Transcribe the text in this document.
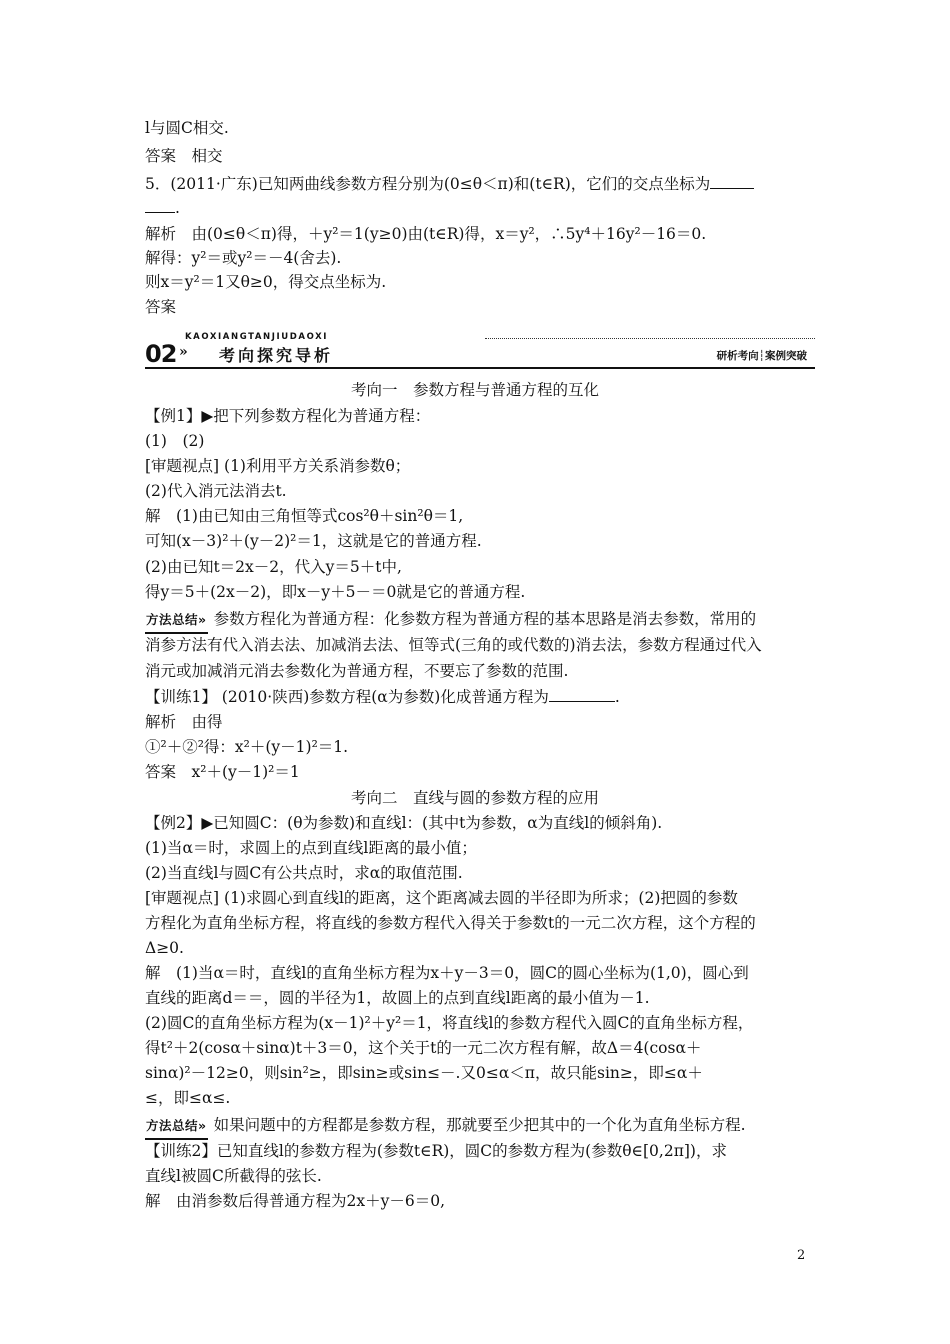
l与圆C相交.
答案　相交
5．(2011·广东)已知两曲线参数方程分别为(0≤θ＜π)和(t∈R)，它们的交点坐标为
.
解析　由(0≤θ＜π)得，＋y²＝1(y≥0)由(t∈R)得，x＝y²，∴5y⁴＋16y²－16＝0.
解得：y²＝或y²＝－4(舍去).
则x＝y²＝1又θ≥0，得交点坐标为.
答案
KAOXIANGTANJIUDAOXI
02 » 考向探究导析	研析考向┆案例突破
考向一　参数方程与普通方程的互化
【例1】▶把下列参数方程化为普通方程：
(1)　(2)
[审题视点] (1)利用平方关系消参数θ；
(2)代入消元法消去t.
解　(1)由已知由三角恒等式cos²θ＋sin²θ＝1,
可知(x－3)²＋(y－2)²＝1，这就是它的普通方程.
(2)由已知t＝2x－2，代入y＝5＋t中,
得y＝5＋(2x－2)，即x－y＋5－＝0就是它的普通方程.
方法总结» 参数方程化为普通方程：化参数方程为普通方程的基本思路是消去参数，常用的
消参方法有代入消去法、加减消去法、恒等式(三角的或代数的)消去法，参数方程通过代入
消元或加减消元消去参数化为普通方程，不要忘了参数的范围.
【训练1】 (2010·陕西)参数方程(α为参数)化成普通方程为	.
解析　由得
①²＋②²得：x²＋(y－1)²＝1.
答案　x²＋(y－1)²＝1
考向二　直线与圆的参数方程的应用
【例2】▶已知圆C：(θ为参数)和直线l：(其中t为参数，α为直线l的倾斜角).
(1)当α＝时，求圆上的点到直线l距离的最小值；
(2)当直线l与圆C有公共点时，求α的取值范围.
[审题视点] (1)求圆心到直线l的距离，这个距离减去圆的半径即为所求；(2)把圆的参数
方程化为直角坐标方程，将直线的参数方程代入得关于参数t的一元二次方程，这个方程的
Δ≥0.
解　(1)当α＝时，直线l的直角坐标方程为x＋y－3＝0，圆C的圆心坐标为(1,0)，圆心到
直线的距离d＝＝，圆的半径为1，故圆上的点到直线l距离的最小值为－1.
(2)圆C的直角坐标方程为(x－1)²＋y²＝1，将直线l的参数方程代入圆C的直角坐标方程，
得t²＋2(cosα＋sinα)t＋3＝0，这个关于t的一元二次方程有解，故Δ＝4(cosα＋
sinα)²－12≥0，则sin²≥，即sin≥或sin≤－.又0≤α＜π，故只能sin≥，即≤α＋
≤，即≤α≤.
方法总结» 如果问题中的方程都是参数方程，那就要至少把其中的一个化为直角坐标方程.
【训练2】已知直线l的参数方程为(参数t∈R)，圆C的参数方程为(参数θ∈[0,2π])，求
直线l被圆C所截得的弦长.
解　由消参数后得普通方程为2x＋y－6＝0,
2
